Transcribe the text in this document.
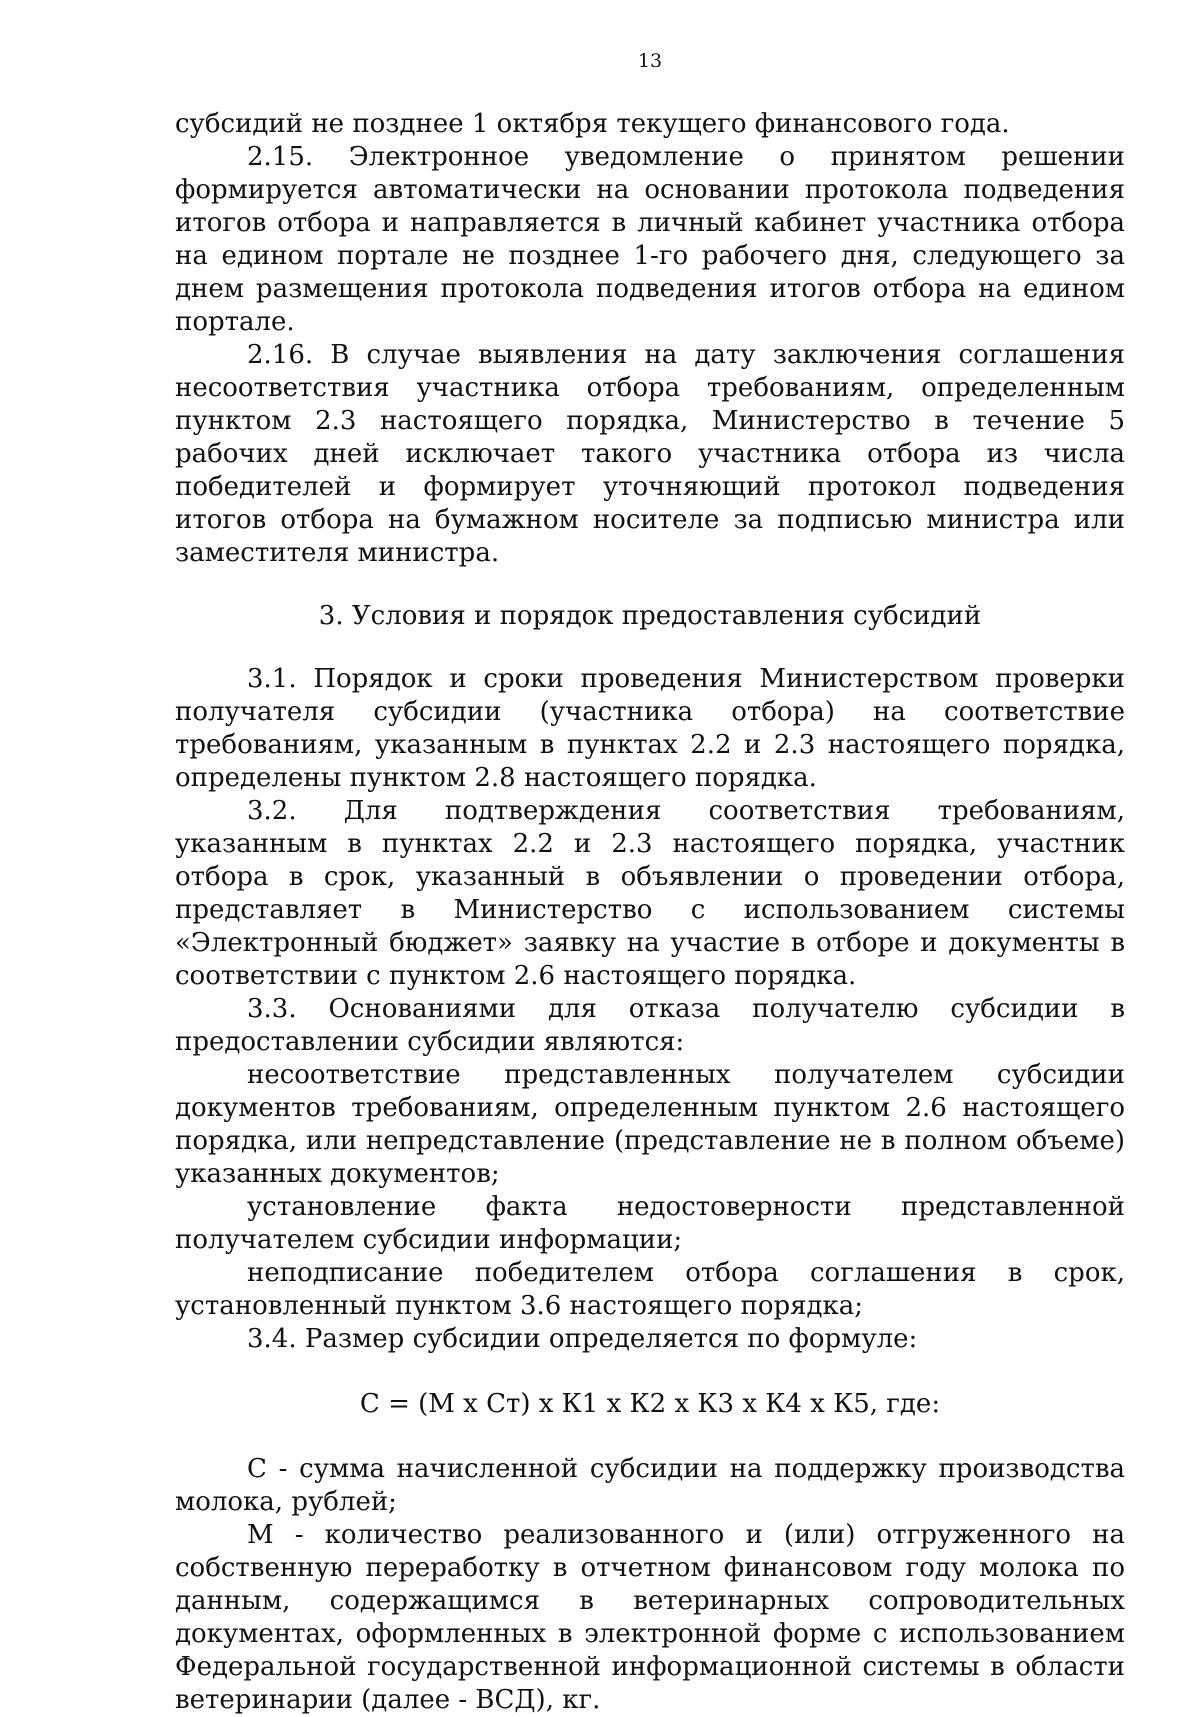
13

субсидий не позднее 1 октября текущего финансового года.

2.15. Электронное уведомление о принятом решении формируется автоматически на основании протокола подведения итогов отбора и направляется в личный кабинет участника отбора на едином портале не позднее 1-го рабочего дня, следующего за днем размещения протокола подведения итогов отбора на едином портале.

2.16. В случае выявления на дату заключения соглашения несоответствия участника отбора требованиям, определенным пунктом 2.3 настоящего порядка, Министерство в течение 5 рабочих дней исключает такого участника отбора из числа победителей и формирует уточняющий протокол подведения итогов отбора на бумажном носителе за подписью министра или заместителя министра.

3. Условия и порядок предоставления субсидий

3.1. Порядок и сроки проведения Министерством проверки получателя субсидии (участника отбора) на соответствие требованиям, указанным в пунктах 2.2 и 2.3 настоящего порядка, определены пунктом 2.8 настоящего порядка.

3.2. Для подтверждения соответствия требованиям, указанным в пунктах 2.2 и 2.3 настоящего порядка, участник отбора в срок, указанный в объявлении о проведении отбора, представляет в Министерство с использованием системы «Электронный бюджет» заявку на участие в отборе и документы в соответствии с пунктом 2.6 настоящего порядка.

3.3. Основаниями для отказа получателю субсидии в предоставлении субсидии являются:

несоответствие представленных получателем субсидии документов требованиям, определенным пунктом 2.6 настоящего порядка, или непредставление (представление не в полном объеме) указанных документов;

установление факта недостоверности представленной получателем субсидии информации;

неподписание победителем отбора соглашения в срок, установленный пунктом 3.6 настоящего порядка;

3.4. Размер субсидии определяется по формуле:

С = (М х Ст) х К1 х К2 х К3 х К4 х К5, где:

С - сумма начисленной субсидии на поддержку производства молока, рублей;

М - количество реализованного и (или) отгруженного на собственную переработку в отчетном финансовом году молока по данным, содержащимся в ветеринарных сопроводительных документах, оформленных в электронной форме с использованием Федеральной государственной информационной системы в области ветеринарии (далее - ВСД), кг.
